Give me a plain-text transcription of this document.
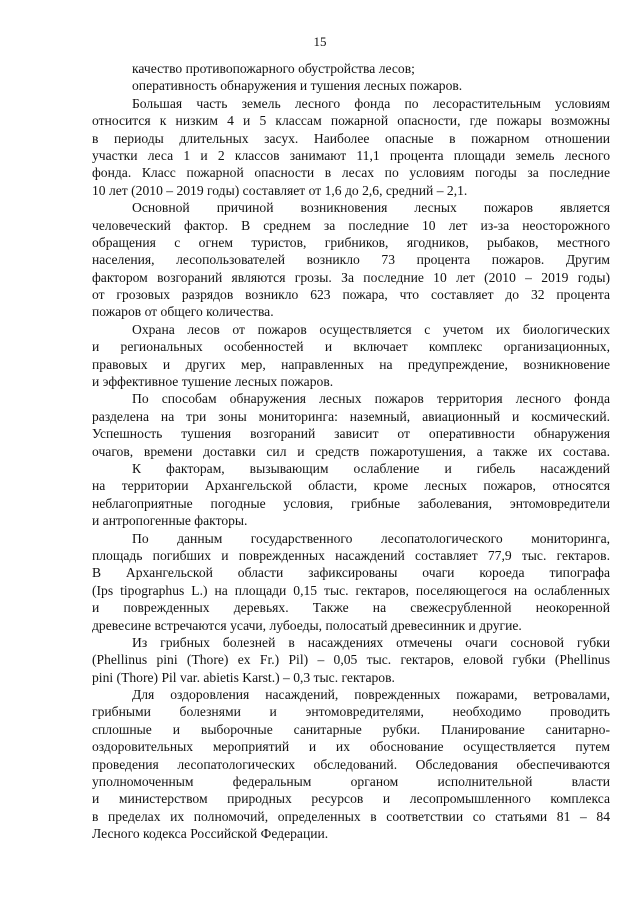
15
качество противопожарного обустройства лесов;
оперативность обнаружения и тушения лесных пожаров.
Большая часть земель лесного фонда по лесорастительным условиям
относится к низким 4 и 5 классам пожарной опасности, где пожары возможны
в периоды длительных засух. Наиболее опасные в пожарном отношении
участки леса 1 и 2 классов занимают 11,1 процента площади земель лесного
фонда. Класс пожарной опасности в лесах по условиям погоды за последние
10 лет (2010 – 2019 годы) составляет от 1,6 до 2,6, средний – 2,1.
Основной причиной возникновения лесных пожаров является
человеческий фактор. В среднем за последние 10 лет из-за неосторожного
обращения с огнем туристов, грибников, ягодников, рыбаков, местного
населения, лесопользователей возникло 73 процента пожаров. Другим
фактором возгораний являются грозы. За последние 10 лет (2010 – 2019 годы)
от грозовых разрядов возникло 623 пожара, что составляет до 32 процента
пожаров от общего количества.
Охрана лесов от пожаров осуществляется с учетом их биологических
и региональных особенностей и включает комплекс организационных,
правовых и других мер, направленных на предупреждение, возникновение
и эффективное тушение лесных пожаров.
По способам обнаружения лесных пожаров территория лесного фонда
разделена на три зоны мониторинга: наземный, авиационный и космический.
Успешность тушения возгораний зависит от оперативности обнаружения
очагов, времени доставки сил и средств пожаротушения, а также их состава.
К факторам, вызывающим ослабление и гибель насаждений
на территории Архангельской области, кроме лесных пожаров, относятся
неблагоприятные погодные условия, грибные заболевания, энтомовредители
и антропогенные факторы.
По данным государственного лесопатологического мониторинга,
площадь погибших и поврежденных насаждений составляет 77,9 тыс. гектаров.
В Архангельской области зафиксированы очаги короеда типографа
(Ips tipographus L.) на площади 0,15 тыс. гектаров, поселяющегося на ослабленных
и поврежденных деревьях. Также на свежесрубленной неокоренной
древесине встречаются усачи, лубоеды, полосатый древесинник и другие.
Из грибных болезней в насаждениях отмечены очаги сосновой губки
(Phellinus pini (Thore) ex Fr.) Pil) – 0,05 тыс. гектаров, еловой губки (Phellinus
pini (Thore) Pil var. abietis Karst.) – 0,3 тыс. гектаров.
Для оздоровления насаждений, поврежденных пожарами, ветровалами,
грибными болезнями и энтомовредителями, необходимо проводить
сплошные и выборочные санитарные рубки. Планирование санитарно-
оздоровительных мероприятий и их обоснование осуществляется путем
проведения лесопатологических обследований. Обследования обеспечиваются
уполномоченным федеральным органом исполнительной власти
и министерством природных ресурсов и лесопромышленного комплекса
в пределах их полномочий, определенных в соответствии со статьями 81 – 84
Лесного кодекса Российской Федерации.
